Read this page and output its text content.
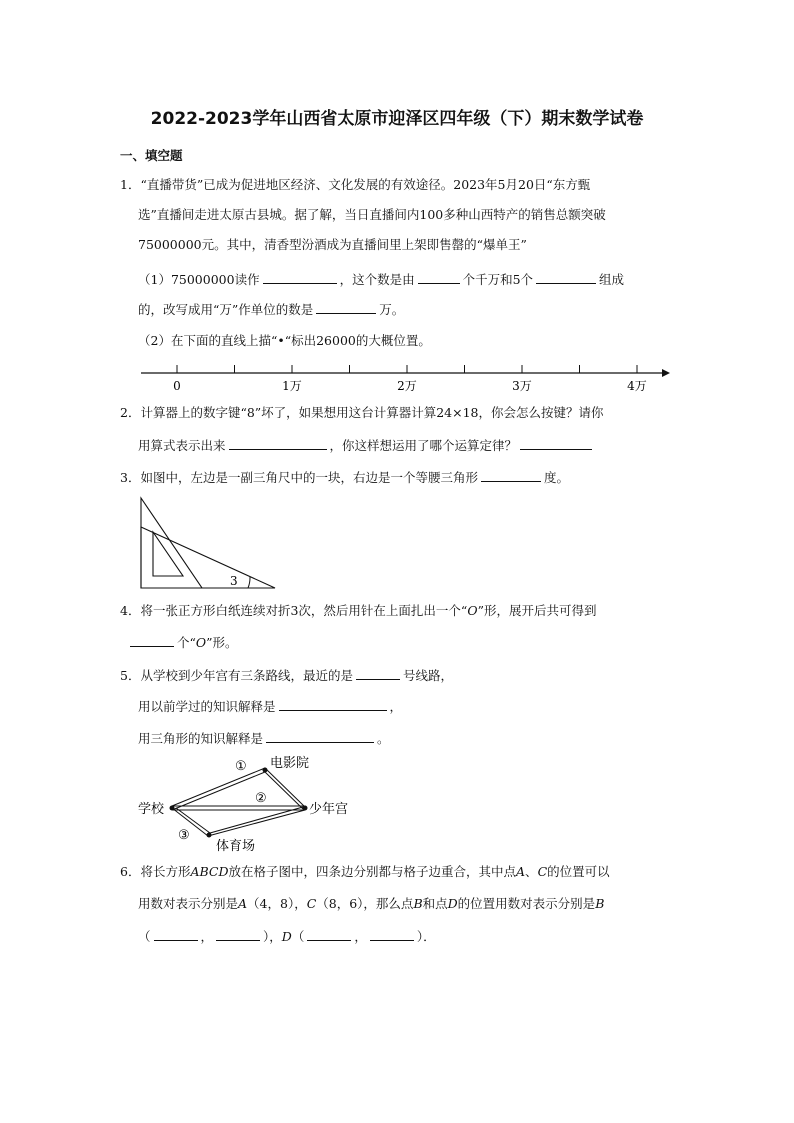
2022-2023学年山西省太原市迎泽区四年级（下）期末数学试卷
一、填空题
1．“直播带货”已成为促进地区经济、文化发展的有效途径。2023年5月20日“东方甄
选”直播间走进太原古县城。据了解，当日直播间内100多种山西特产的销售总额突破
75000000元。其中，清香型汾酒成为直播间里上架即售罄的“爆单王”
（1）75000000读作	，这个数是由	个千万和5个	组成
的，改写成用“万”作单位的数是	万。
（2）在下面的直线上描“•“标出26000的大概位置。
0	1万	2万	3万	4万
2．计算器上的数字键“8”坏了，如果想用这台计算器计算24×18，你会怎么按键？请你
用算式表示出来	，你这样想运用了哪个运算定律？
3．如图中，左边是一副三角尺中的一块，右边是一个等腰三角形	度。
3
4．将一张正方形白纸连续对折3次，然后用针在上面扎出一个“O”形，展开后共可得到
个“O”形。
5．从学校到少年宫有三条路线，最近的是	号线路，
用以前学过的知识解释是	，
用三角形的知识解释是	。
电影院
学校	少年宫
体育场
①
②
③
6．将长方形ABCD放在格子图中，四条边分别都与格子边重合，其中点A、C的位置可以
用数对表示分别是A（4，8），C（8，6），那么点B和点D的位置用数对表示分别是B
（	，	），D（	，	）．
